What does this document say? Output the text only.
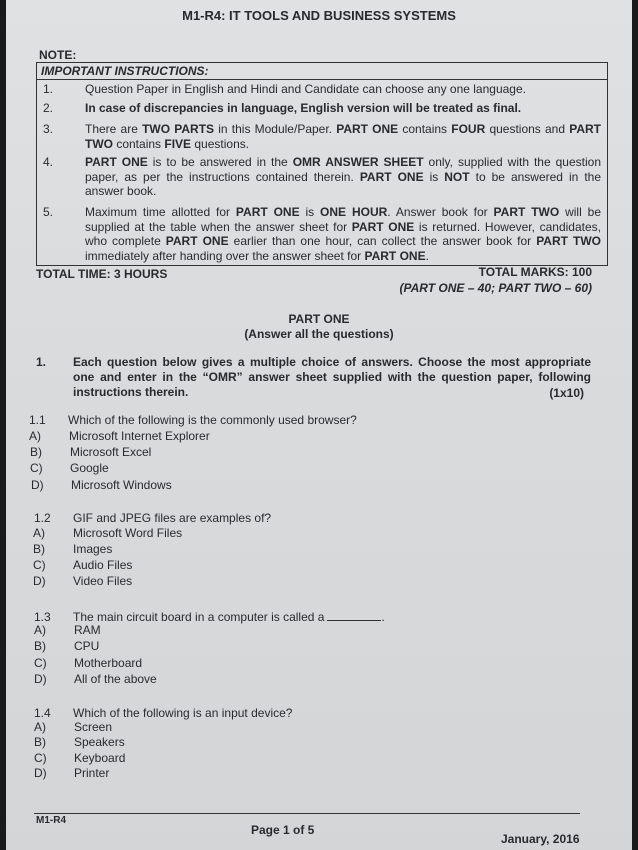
M1-R4: IT TOOLS AND BUSINESS SYSTEMS
NOTE:
IMPORTANT INSTRUCTIONS:
1.	Question Paper in English and Hindi and Candidate can choose any one language.
2.	In case of discrepancies in language, English version will be treated as final.
3.	There are TWO PARTS in this Module/Paper. PART ONE contains FOUR questions and PART TWO contains FIVE questions.
4.	PART ONE is to be answered in the OMR ANSWER SHEET only, supplied with the question paper, as per the instructions contained therein. PART ONE is NOT to be answered in the answer book.
5.	Maximum time allotted for PART ONE is ONE HOUR. Answer book for PART TWO will be supplied at the table when the answer sheet for PART ONE is returned. However, candidates, who complete PART ONE earlier than one hour, can collect the answer book for PART TWO immediately after handing over the answer sheet for PART ONE.
TOTAL TIME: 3 HOURS	TOTAL MARKS: 100
(PART ONE – 40; PART TWO – 60)
PART ONE
(Answer all the questions)
1. Each question below gives a multiple choice of answers. Choose the most appropriate one and enter in the “OMR” answer sheet supplied with the question paper, following instructions therein.	(1x10)
1.1 Which of the following is the commonly used browser?
A) Microsoft Internet Explorer
B) Microsoft Excel
C) Google
D) Microsoft Windows
1.2 GIF and JPEG files are examples of?
A) Microsoft Word Files
B) Images
C) Audio Files
D) Video Files
1.3 The main circuit board in a computer is called a	.
A) RAM
B) CPU
C) Motherboard
D) All of the above
1.4 Which of the following is an input device?
A) Screen
B) Speakers
C) Keyboard
D) Printer
M1-R4
Page 1 of 5
January, 2016
